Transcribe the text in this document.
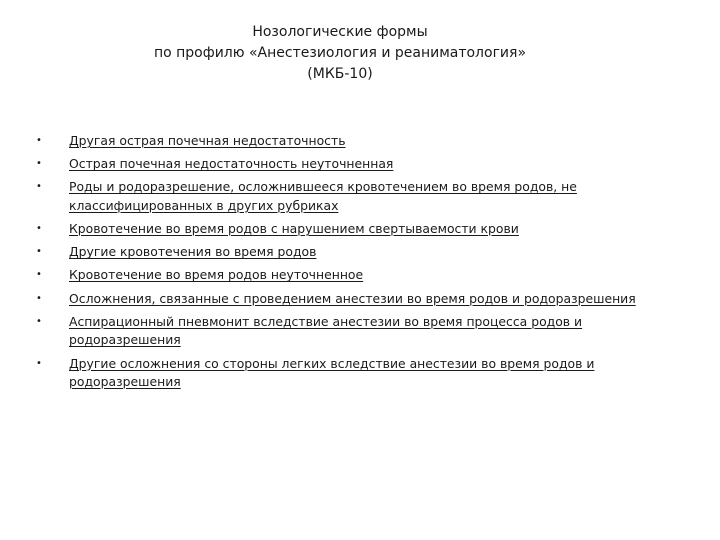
Нозологические формы
по профилю «Анестезиология и реаниматология»
(МКБ-10)
• Другая острая почечная недостаточность
• Острая почечная недостаточность неуточненная
• Роды и родоразрешение, осложнившееся кровотечением во время родов, не классифицированных в других рубриках
• Кровотечение во время родов с нарушением свертываемости крови
• Другие кровотечения во время родов
• Кровотечение во время родов неуточненное
• Осложнения, связанные с проведением анестезии во время родов и родоразрешения
• Аспирационный пневмонит вследствие анестезии во время процесса родов и родоразрешения
• Другие осложнения со стороны легких вследствие анестезии во время родов и родоразрешения
